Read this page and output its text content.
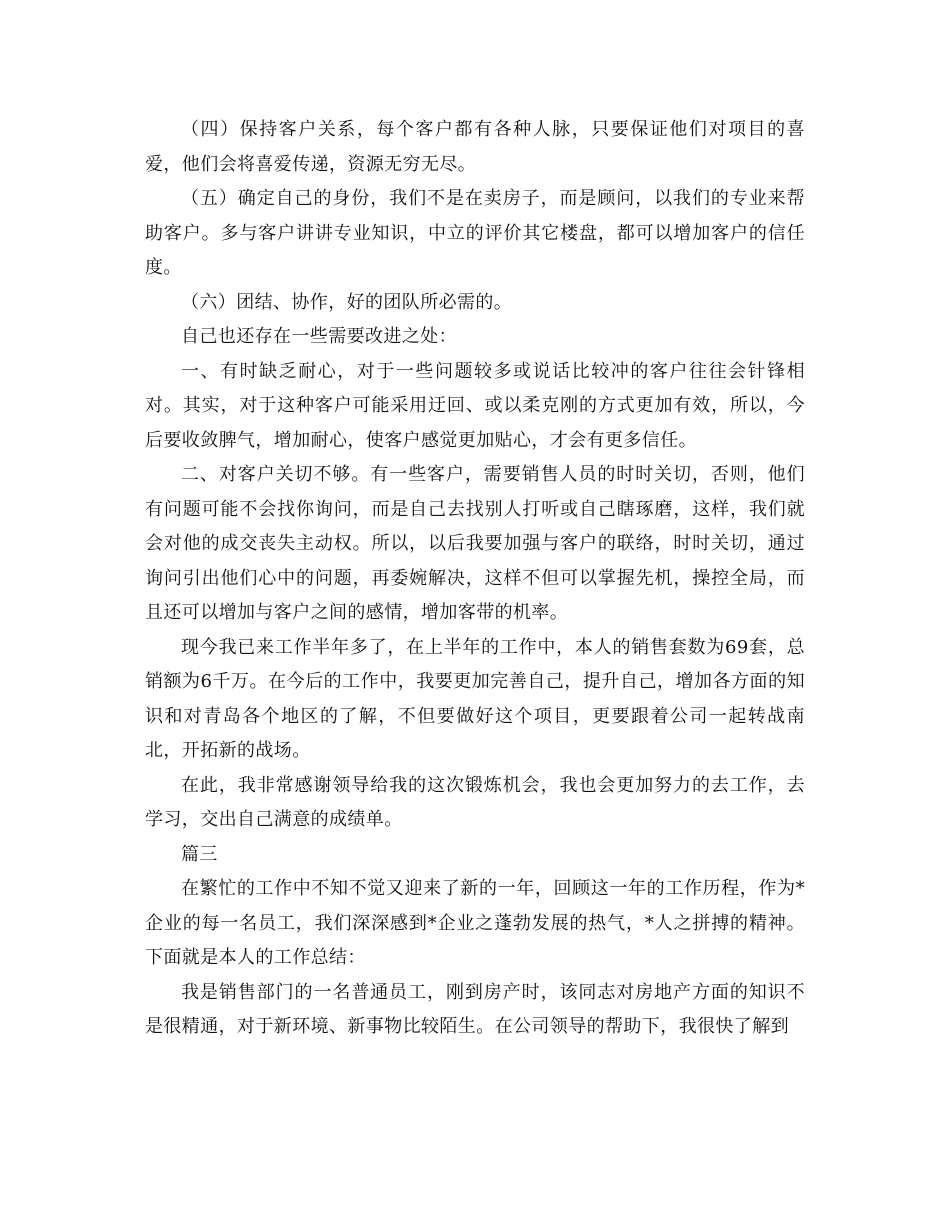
（四）保持客户关系，每个客户都有各种人脉，只要保证他们对项目的喜爱，他们会将喜爱传递，资源无穷无尽。

（五）确定自己的身份，我们不是在卖房子，而是顾问，以我们的专业来帮助客户。多与客户讲讲专业知识，中立的评价其它楼盘，都可以增加客户的信任度。

（六）团结、协作，好的团队所必需的。

自己也还存在一些需要改进之处：

一、有时缺乏耐心，对于一些问题较多或说话比较冲的客户往往会针锋相对。其实，对于这种客户可能采用迂回、或以柔克刚的方式更加有效，所以，今后要收敛脾气，增加耐心，使客户感觉更加贴心，才会有更多信任。

二、对客户关切不够。有一些客户，需要销售人员的时时关切，否则，他们有问题可能不会找你询问，而是自己去找别人打听或自己瞎琢磨，这样，我们就会对他的成交丧失主动权。所以，以后我要加强与客户的联络，时时关切，通过询问引出他们心中的问题，再委婉解决，这样不但可以掌握先机，操控全局，而且还可以增加与客户之间的感情，增加客带的机率。

现今我已来工作半年多了，在上半年的工作中，本人的销售套数为69套，总销额为6千万。在今后的工作中，我要更加完善自己，提升自己，增加各方面的知识和对青岛各个地区的了解，不但要做好这个项目，更要跟着公司一起转战南北，开拓新的战场。

在此，我非常感谢领导给我的这次锻炼机会，我也会更加努力的去工作，去学习，交出自己满意的成绩单。

篇三

在繁忙的工作中不知不觉又迎来了新的一年，回顾这一年的工作历程，作为*企业的每一名员工，我们深深感到*企业之蓬勃发展的热气，*人之拼搏的精神。下面就是本人的工作总结：

我是销售部门的一名普通员工，刚到房产时，该同志对房地产方面的知识不是很精通，对于新环境、新事物比较陌生。在公司领导的帮助下，我很快了解到
